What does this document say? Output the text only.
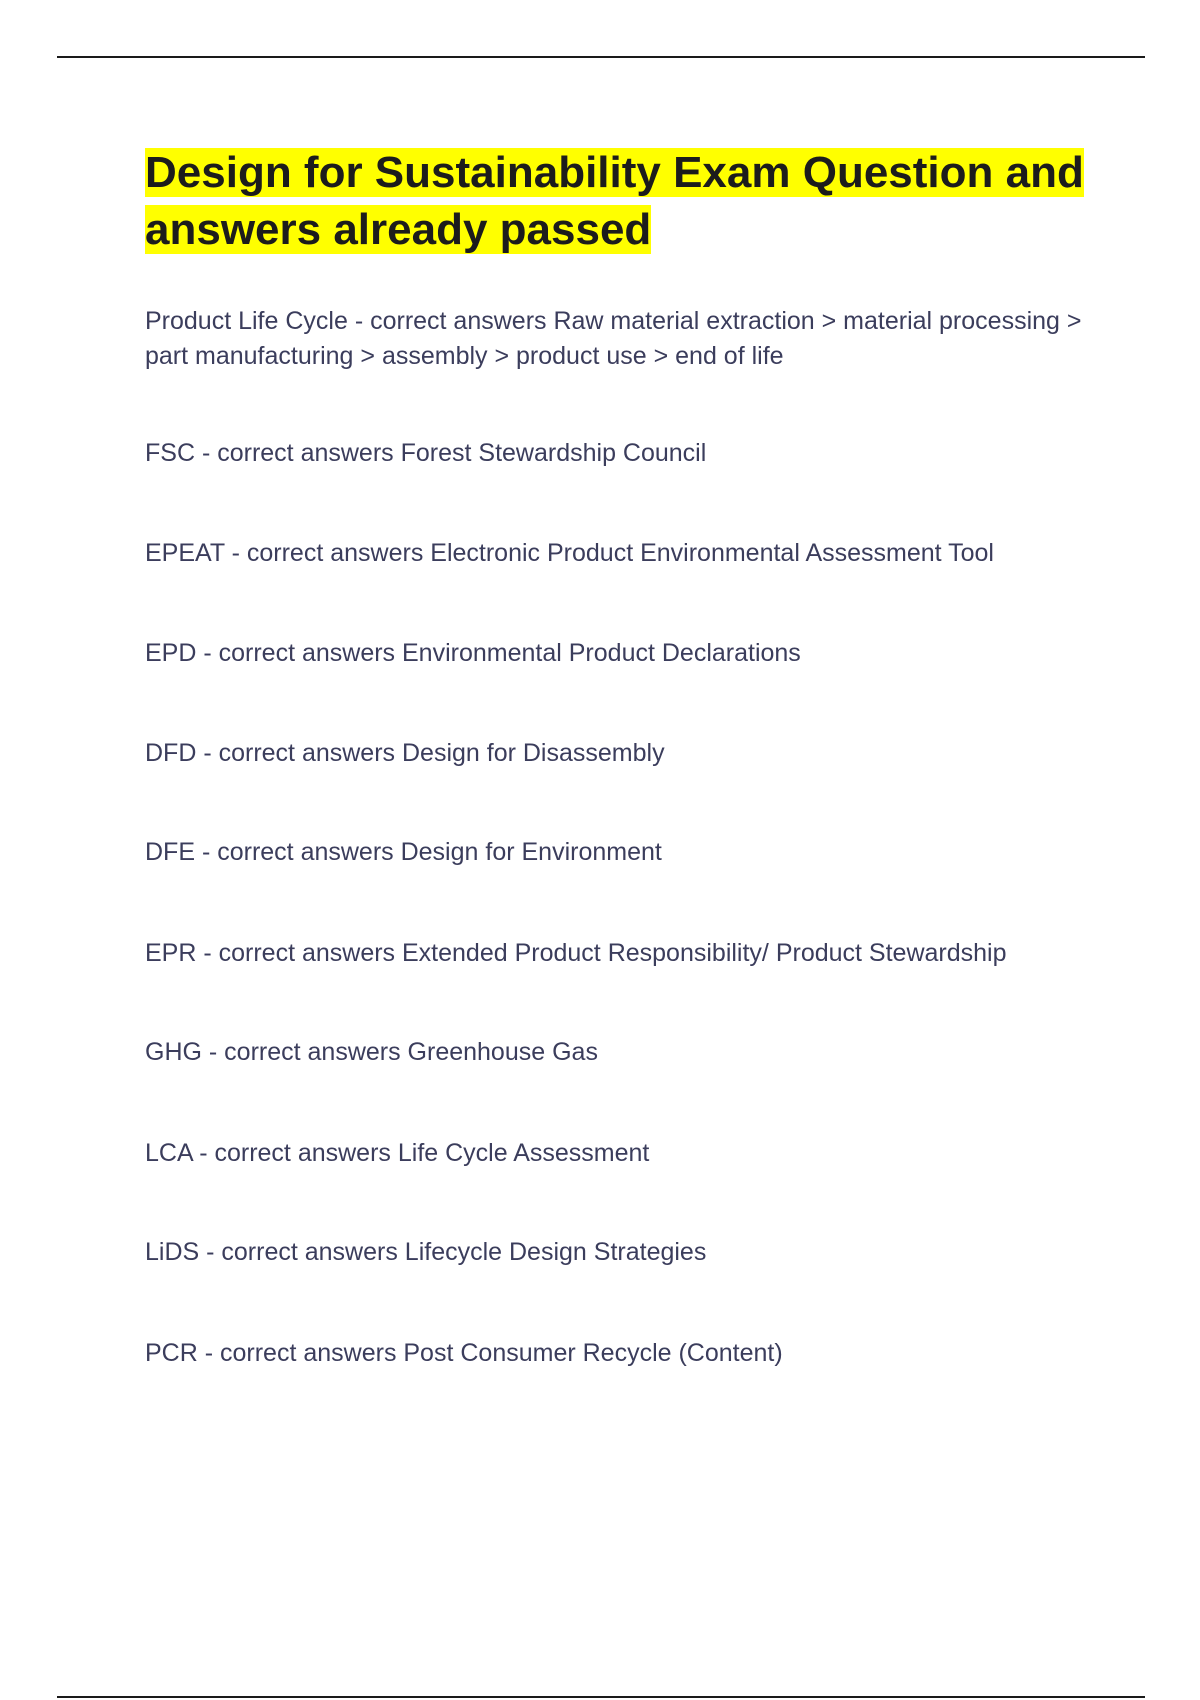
Design for Sustainability Exam Question and answers already passed

Product Life Cycle - correct answers Raw material extraction > material processing > part manufacturing > assembly > product use > end of life

FSC - correct answers Forest Stewardship Council

EPEAT - correct answers Electronic Product Environmental Assessment Tool

EPD - correct answers Environmental Product Declarations

DFD - correct answers Design for Disassembly

DFE - correct answers Design for Environment

EPR - correct answers Extended Product Responsibility/ Product Stewardship

GHG - correct answers Greenhouse Gas

LCA - correct answers Life Cycle Assessment

LiDS - correct answers Lifecycle Design Strategies

PCR - correct answers Post Consumer Recycle (Content)
